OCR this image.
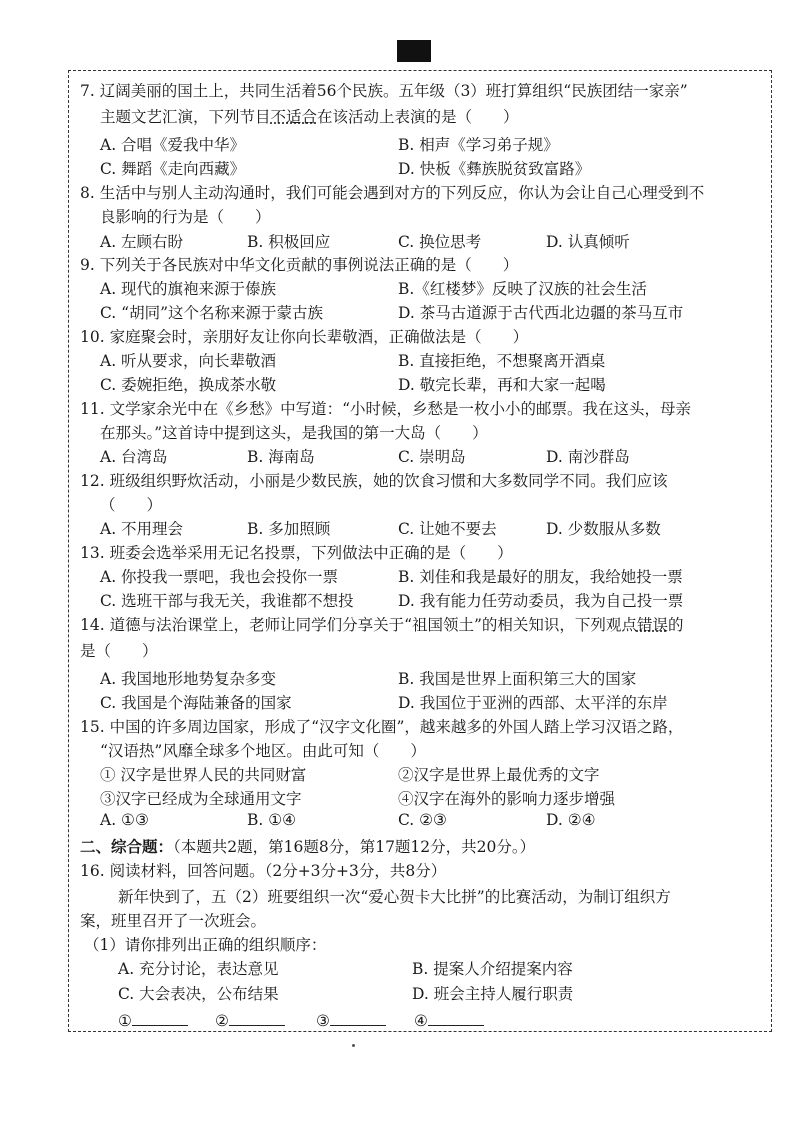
7. 辽阔美丽的国土上，共同生活着56个民族。五年级（3）班打算组织“民族团结一家亲”
主题文艺汇演，下列节目不适合在该活动上表演的是（　　）
A. 合唱《爱我中华》	B. 相声《学习弟子规》
C. 舞蹈《走向西藏》	D. 快板《彝族脱贫致富路》
8. 生活中与别人主动沟通时，我们可能会遇到对方的下列反应，你认为会让自己心理受到不
良影响的行为是（　　）
A. 左顾右盼	B. 积极回应	C. 换位思考	D. 认真倾听
9. 下列关于各民族对中华文化贡献的事例说法正确的是（　　）
A. 现代的旗袍来源于傣族	B.《红楼梦》反映了汉族的社会生活
C. “胡同”这个名称来源于蒙古族	D. 茶马古道源于古代西北边疆的茶马互市
10. 家庭聚会时，亲朋好友让你向长辈敬酒，正确做法是（　　）
A. 听从要求，向长辈敬酒	B. 直接拒绝，不想聚离开酒桌
C. 委婉拒绝，换成茶水敬	D. 敬完长辈，再和大家一起喝
11. 文学家余光中在《乡愁》中写道：“小时候，乡愁是一枚小小的邮票。我在这头，母亲
在那头。”这首诗中提到这头，是我国的第一大岛（　　）
A. 台湾岛	B. 海南岛	C. 崇明岛	D. 南沙群岛
12. 班级组织野炊活动，小丽是少数民族，她的饮食习惯和大多数同学不同。我们应该
（　　）
A. 不用理会	B. 多加照顾	C. 让她不要去	D. 少数服从多数
13. 班委会选举采用无记名投票，下列做法中正确的是（　　）
A. 你投我一票吧，我也会投你一票	B. 刘佳和我是最好的朋友，我给她投一票
C. 选班干部与我无关，我谁都不想投	D. 我有能力任劳动委员，我为自己投一票
14. 道德与法治课堂上，老师让同学们分享关于“祖国领土”的相关知识，下列观点错误的
是（　　）
A. 我国地形地势复杂多变	B. 我国是世界上面积第三大的国家
C. 我国是个海陆兼备的国家	D. 我国位于亚洲的西部、太平洋的东岸
15. 中国的许多周边国家，形成了“汉字文化圈”，越来越多的外国人踏上学习汉语之路，
“汉语热”风靡全球多个地区。由此可知（　　）
① 汉字是世界人民的共同财富	②汉字是世界上最优秀的文字
③汉字已经成为全球通用文字	④汉字在海外的影响力逐步增强
A. ①③	B. ①④	C. ②③	D. ②④
二、综合题：（本题共2题，第16题8分，第17题12分，共20分。）
16. 阅读材料，回答问题。（2分+3分+3分，共8分）
新年快到了，五（2）班要组织一次“爱心贺卡大比拼”的比赛活动，为制订组织方
案，班里召开了一次班会。
（1）请你排列出正确的组织顺序：
A. 充分讨论，表达意见	B. 提案人介绍提案内容
C. 大会表决，公布结果	D. 班会主持人履行职责
①	②	③	④
